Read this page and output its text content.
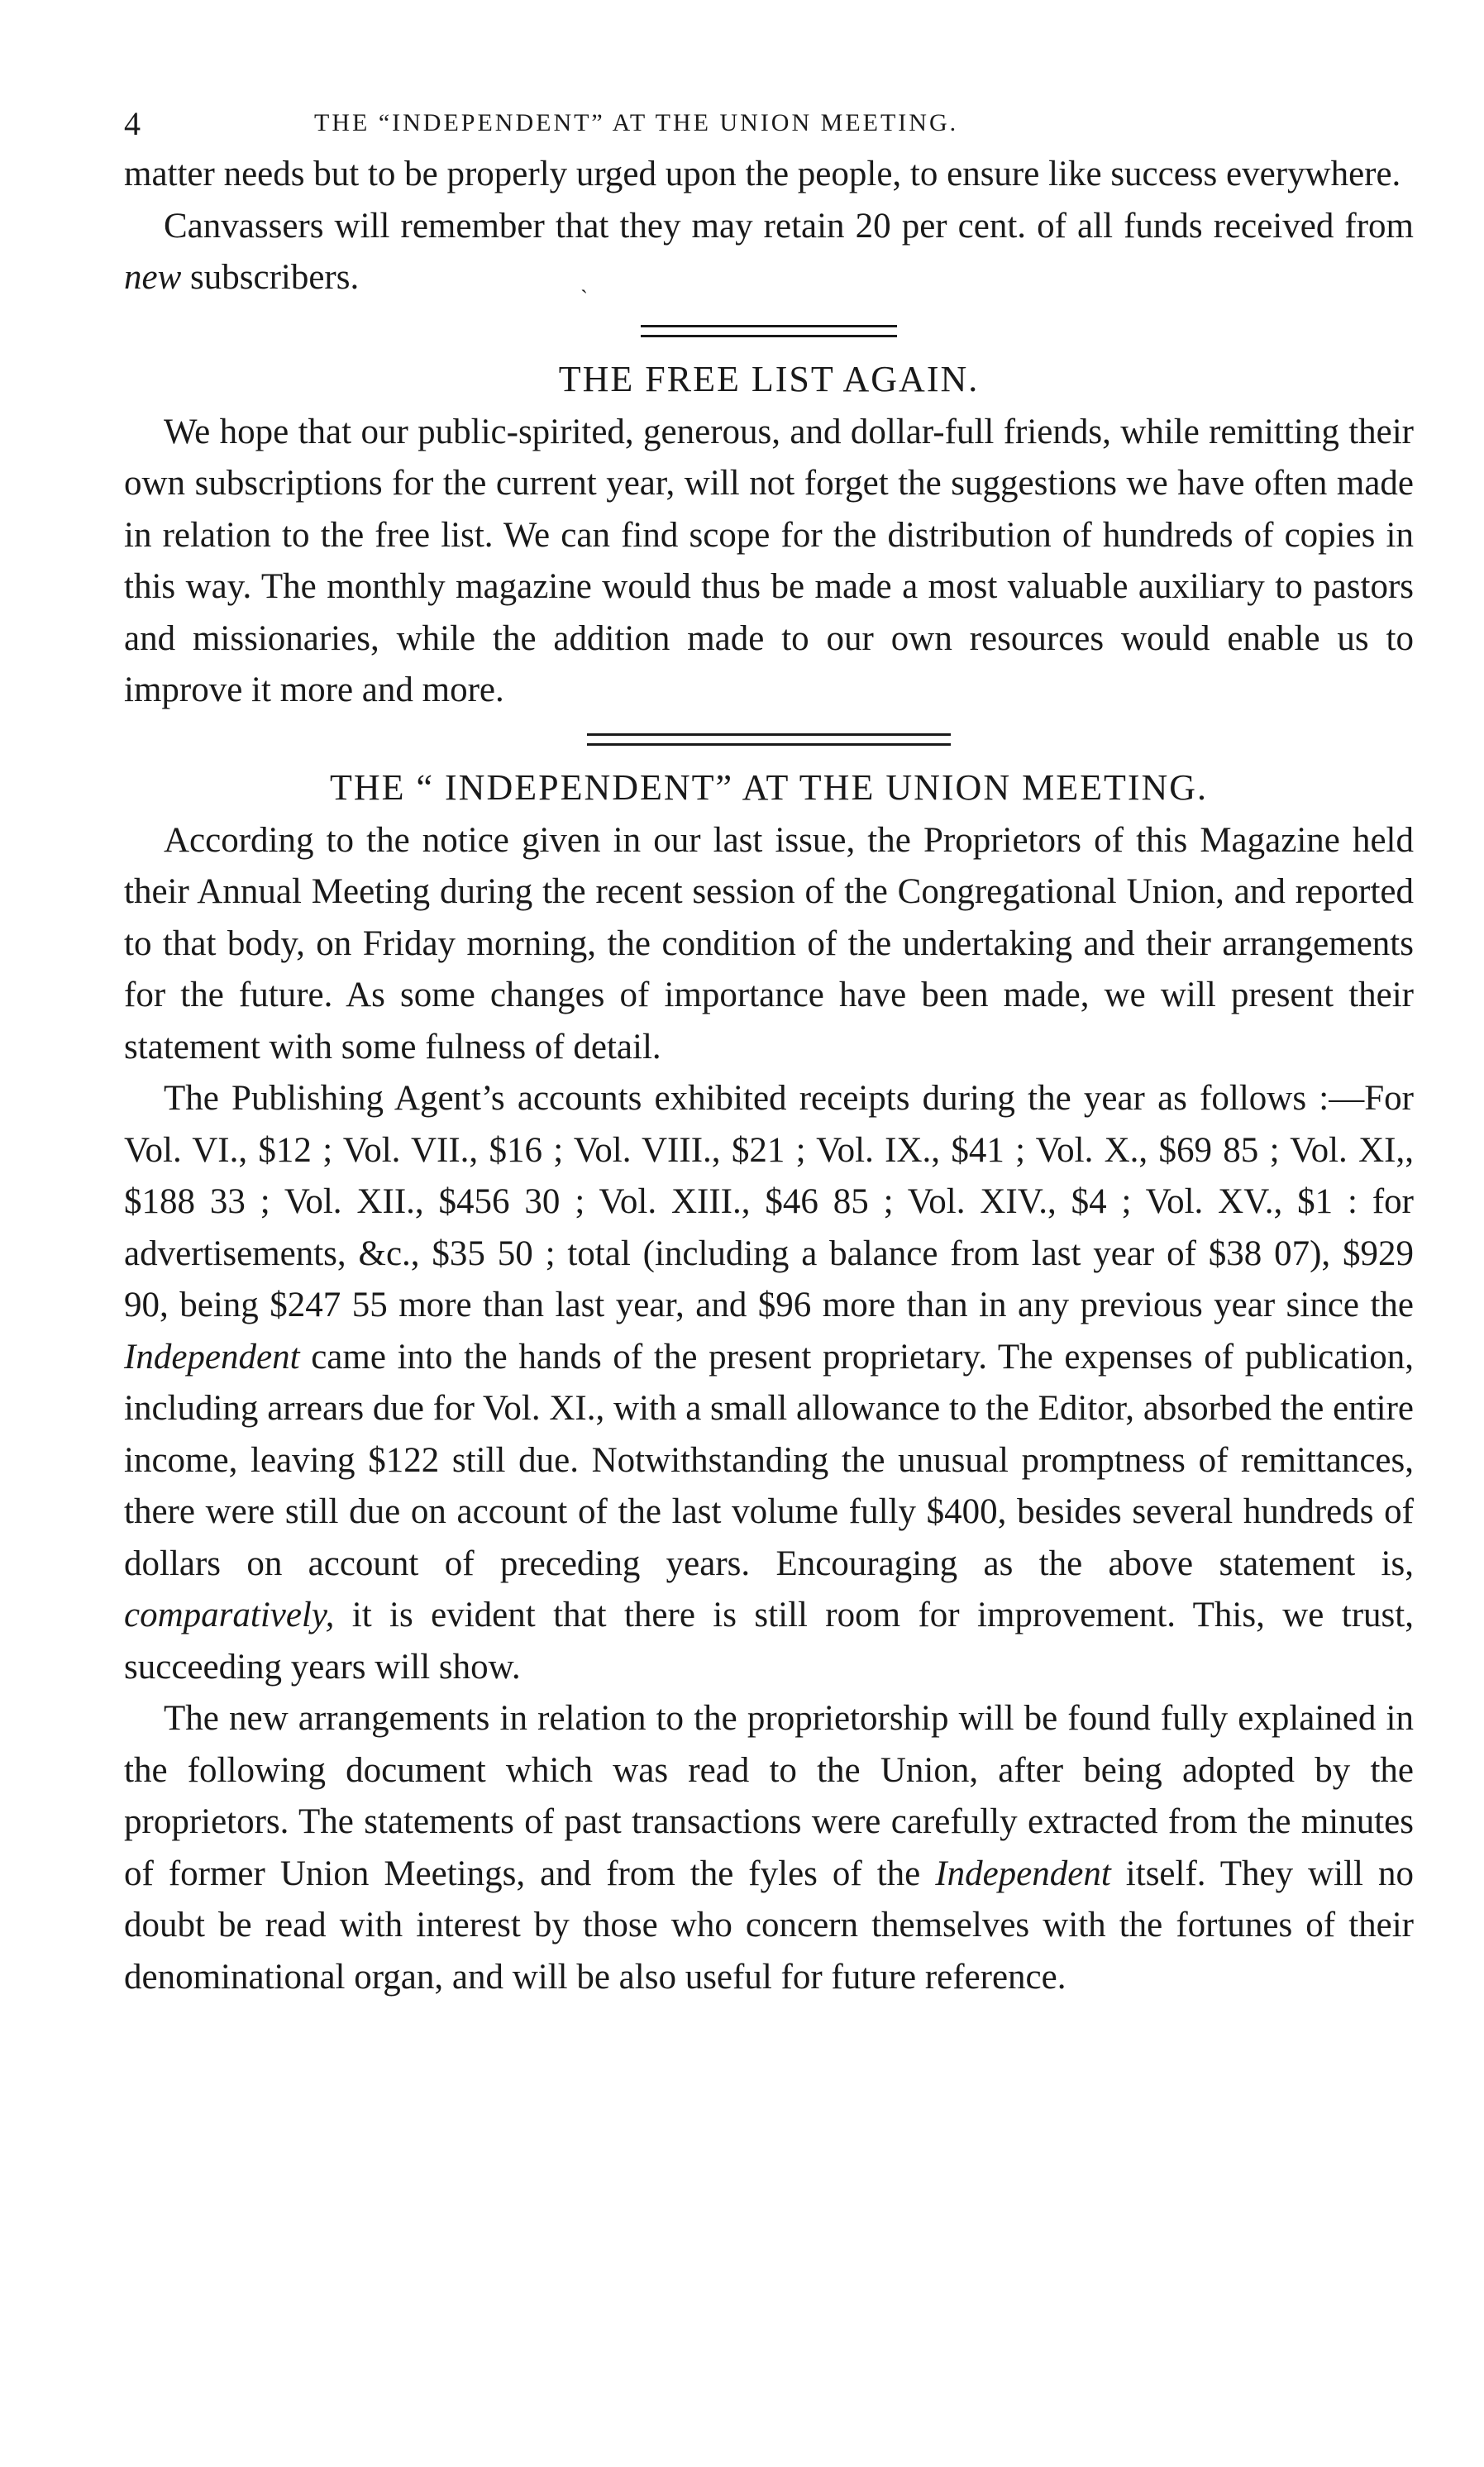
4	THE “INDEPENDENT” AT THE UNION MEETING.

matter needs but to be properly urged upon the people, to ensure like success everywhere.

Canvassers will remember that they may retain 20 per cent. of all funds received from new subscribers.	ˎ

THE FREE LIST AGAIN.

We hope that our public-spirited, generous, and dollar-full friends, while remitting their own subscriptions for the current year, will not forget the suggestions we have often made in relation to the free list. We can find scope for the distribution of hundreds of copies in this way. The monthly magazine would thus be made a most valuable auxiliary to pastors and missionaries, while the addition made to our own resources would enable us to improve it more and more.

THE “ INDEPENDENT” AT THE UNION MEETING.

According to the notice given in our last issue, the Proprietors of this Magazine held their Annual Meeting during the recent session of the Congregational Union, and reported to that body, on Friday morning, the condition of the undertaking and their arrangements for the future. As some changes of importance have been made, we will present their statement with some fulness of detail.

The Publishing Agent’s accounts exhibited receipts during the year as follows :—For Vol. VI., $12 ; Vol. VII., $16 ; Vol. VIII., $21 ; Vol. IX., $41 ; Vol. X., $69 85 ; Vol. XI,, $188 33 ; Vol. XII., $456 30 ; Vol. XIII., $46 85 ; Vol. XIV., $4 ; Vol. XV., $1 : for advertisements, &c., $35 50 ; total (including a balance from last year of $38 07), $929 90, being $247 55 more than last year, and $96 more than in any previous year since the Independent came into the hands of the present proprietary. The expenses of publication, including arrears due for Vol. XI., with a small allowance to the Editor, absorbed the entire income, leaving $122 still due. Notwithstanding the unusual promptness of remittances, there were still due on account of the last volume fully $400, besides several hundreds of dollars on account of preceding years. Encouraging as the above statement is, comparatively, it is evident that there is still room for improvement. This, we trust, succeeding years will show.

The new arrangements in relation to the proprietorship will be found fully explained in the following document which was read to the Union, after being adopted by the proprietors. The statements of past transactions were carefully extracted from the minutes of former Union Meetings, and from the fyles of the Independent itself. They will no doubt be read with interest by those who concern themselves with the fortunes of their denominational organ, and will be also useful for future reference.
